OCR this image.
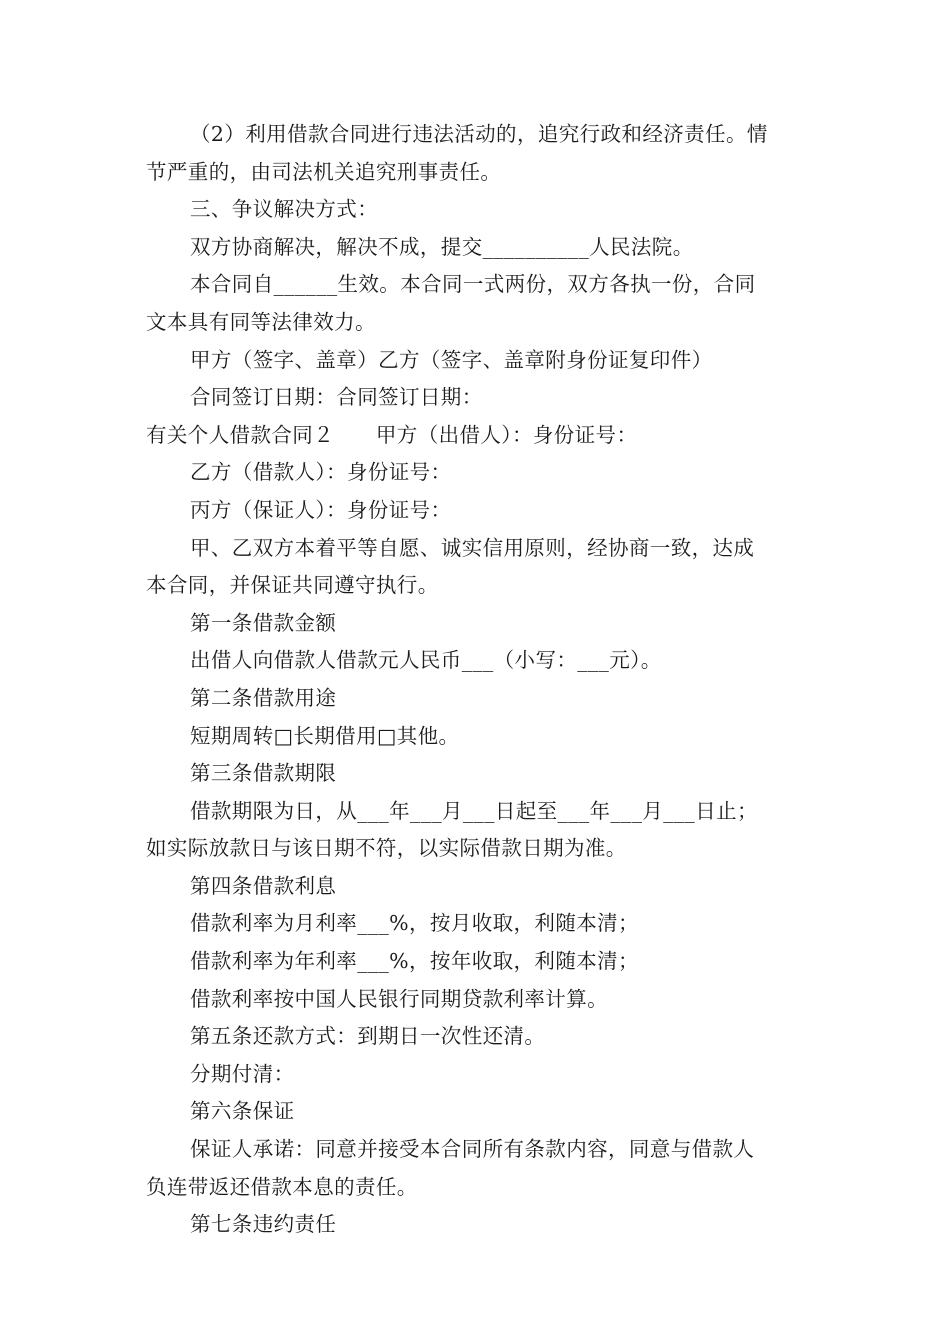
（2）利用借款合同进行违法活动的，追究行政和经济责任。情

节严重的，由司法机关追究刑事责任。

三、争议解决方式：

双方协商解决，解决不成，提交__________人民法院。

本合同自______生效。本合同一式两份，双方各执一份，合同

文本具有同等法律效力。

甲方（签字、盖章）乙方（签字、盖章附身份证复印件）

合同签订日期：合同签订日期：

有关个人借款合同２　　甲方（出借人）：身份证号：

乙方（借款人）：身份证号：

丙方（保证人）：身份证号：

甲、乙双方本着平等自愿、诚实信用原则，经协商一致，达成

本合同，并保证共同遵守执行。

第一条借款金额

出借人向借款人借款元人民币___（小写：___元）。

第二条借款用途

短期周转□长期借用□其他。

第三条借款期限

借款期限为日，从___年___月___日起至___年___月___日止；

如实际放款日与该日期不符，以实际借款日期为准。

第四条借款利息

借款利率为月利率___%，按月收取，利随本清；

借款利率为年利率___%，按年收取，利随本清；

借款利率按中国人民银行同期贷款利率计算。

第五条还款方式：到期日一次性还清。

分期付清：

第六条保证

保证人承诺：同意并接受本合同所有条款内容，同意与借款人

负连带返还借款本息的责任。

第七条违约责任
